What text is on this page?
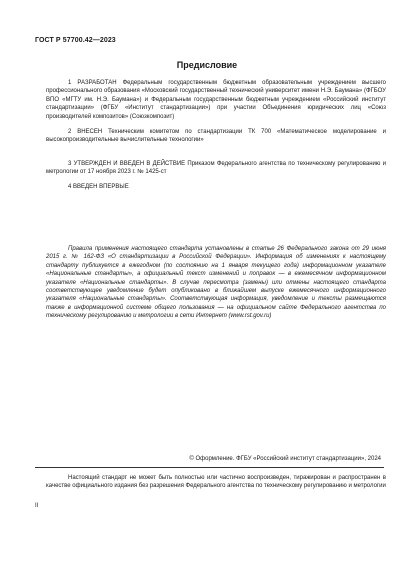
ГОСТ Р 57700.42—2023
Предисловие
1 РАЗРАБОТАН Федеральным государственным бюджетным образовательным учреждением высшего профессионального образования «Московский государственный технический университет имени Н.Э. Баумана» (ФГБОУ ВПО «МГТУ им. Н.Э. Баумана») и Федеральным государственным бюджетным учреждением «Российский институт стандартизации» (ФГБУ «Институт стандартизации») при участии Объединения юридических лиц «Союз производителей композитов» (Союзкомпозит)
2 ВНЕСЕН Техническим комитетом по стандартизации ТК 700 «Математическое моделирование и высокопроизводительные вычислительные технологии»
3 УТВЕРЖДЕН И ВВЕДЕН В ДЕЙСТВИЕ Приказом Федерального агентства по техническому регулированию и метрологии от 17 ноября 2023 г. № 1425-ст
4 ВВЕДЕН ВПЕРВЫЕ
Правила применения настоящего стандарта установлены в статье 26 Федерального закона от 29 июня 2015 г. № 162-ФЗ «О стандартизации в Российской Федерации». Информация об изменениях к настоящему стандарту публикуется в ежегодном (по состоянию на 1 января текущего года) информационном указателе «Национальные стандарты», а официальный текст изменений и поправок — в ежемесячном информационном указателе «Национальные стандарты». В случае пересмотра (замены) или отмены настоящего стандарта соответствующее уведомление будет опубликовано в ближайшем выпуске ежемесячного информационного указателя «Национальные стандарты». Соответствующая информация, уведомление и тексты размещаются также в информационной системе общего пользования — на официальном сайте Федерального агентства по техническому регулированию и метрологии в сети Интернет (www.rst.gov.ru)
© Оформление. ФГБУ «Российский институт стандартизации», 2024
Настоящий стандарт не может быть полностью или частично воспроизведен, тиражирован и распространен в качестве официального издания без разрешения Федерального агентства по техническому регулированию и метрологии
II
